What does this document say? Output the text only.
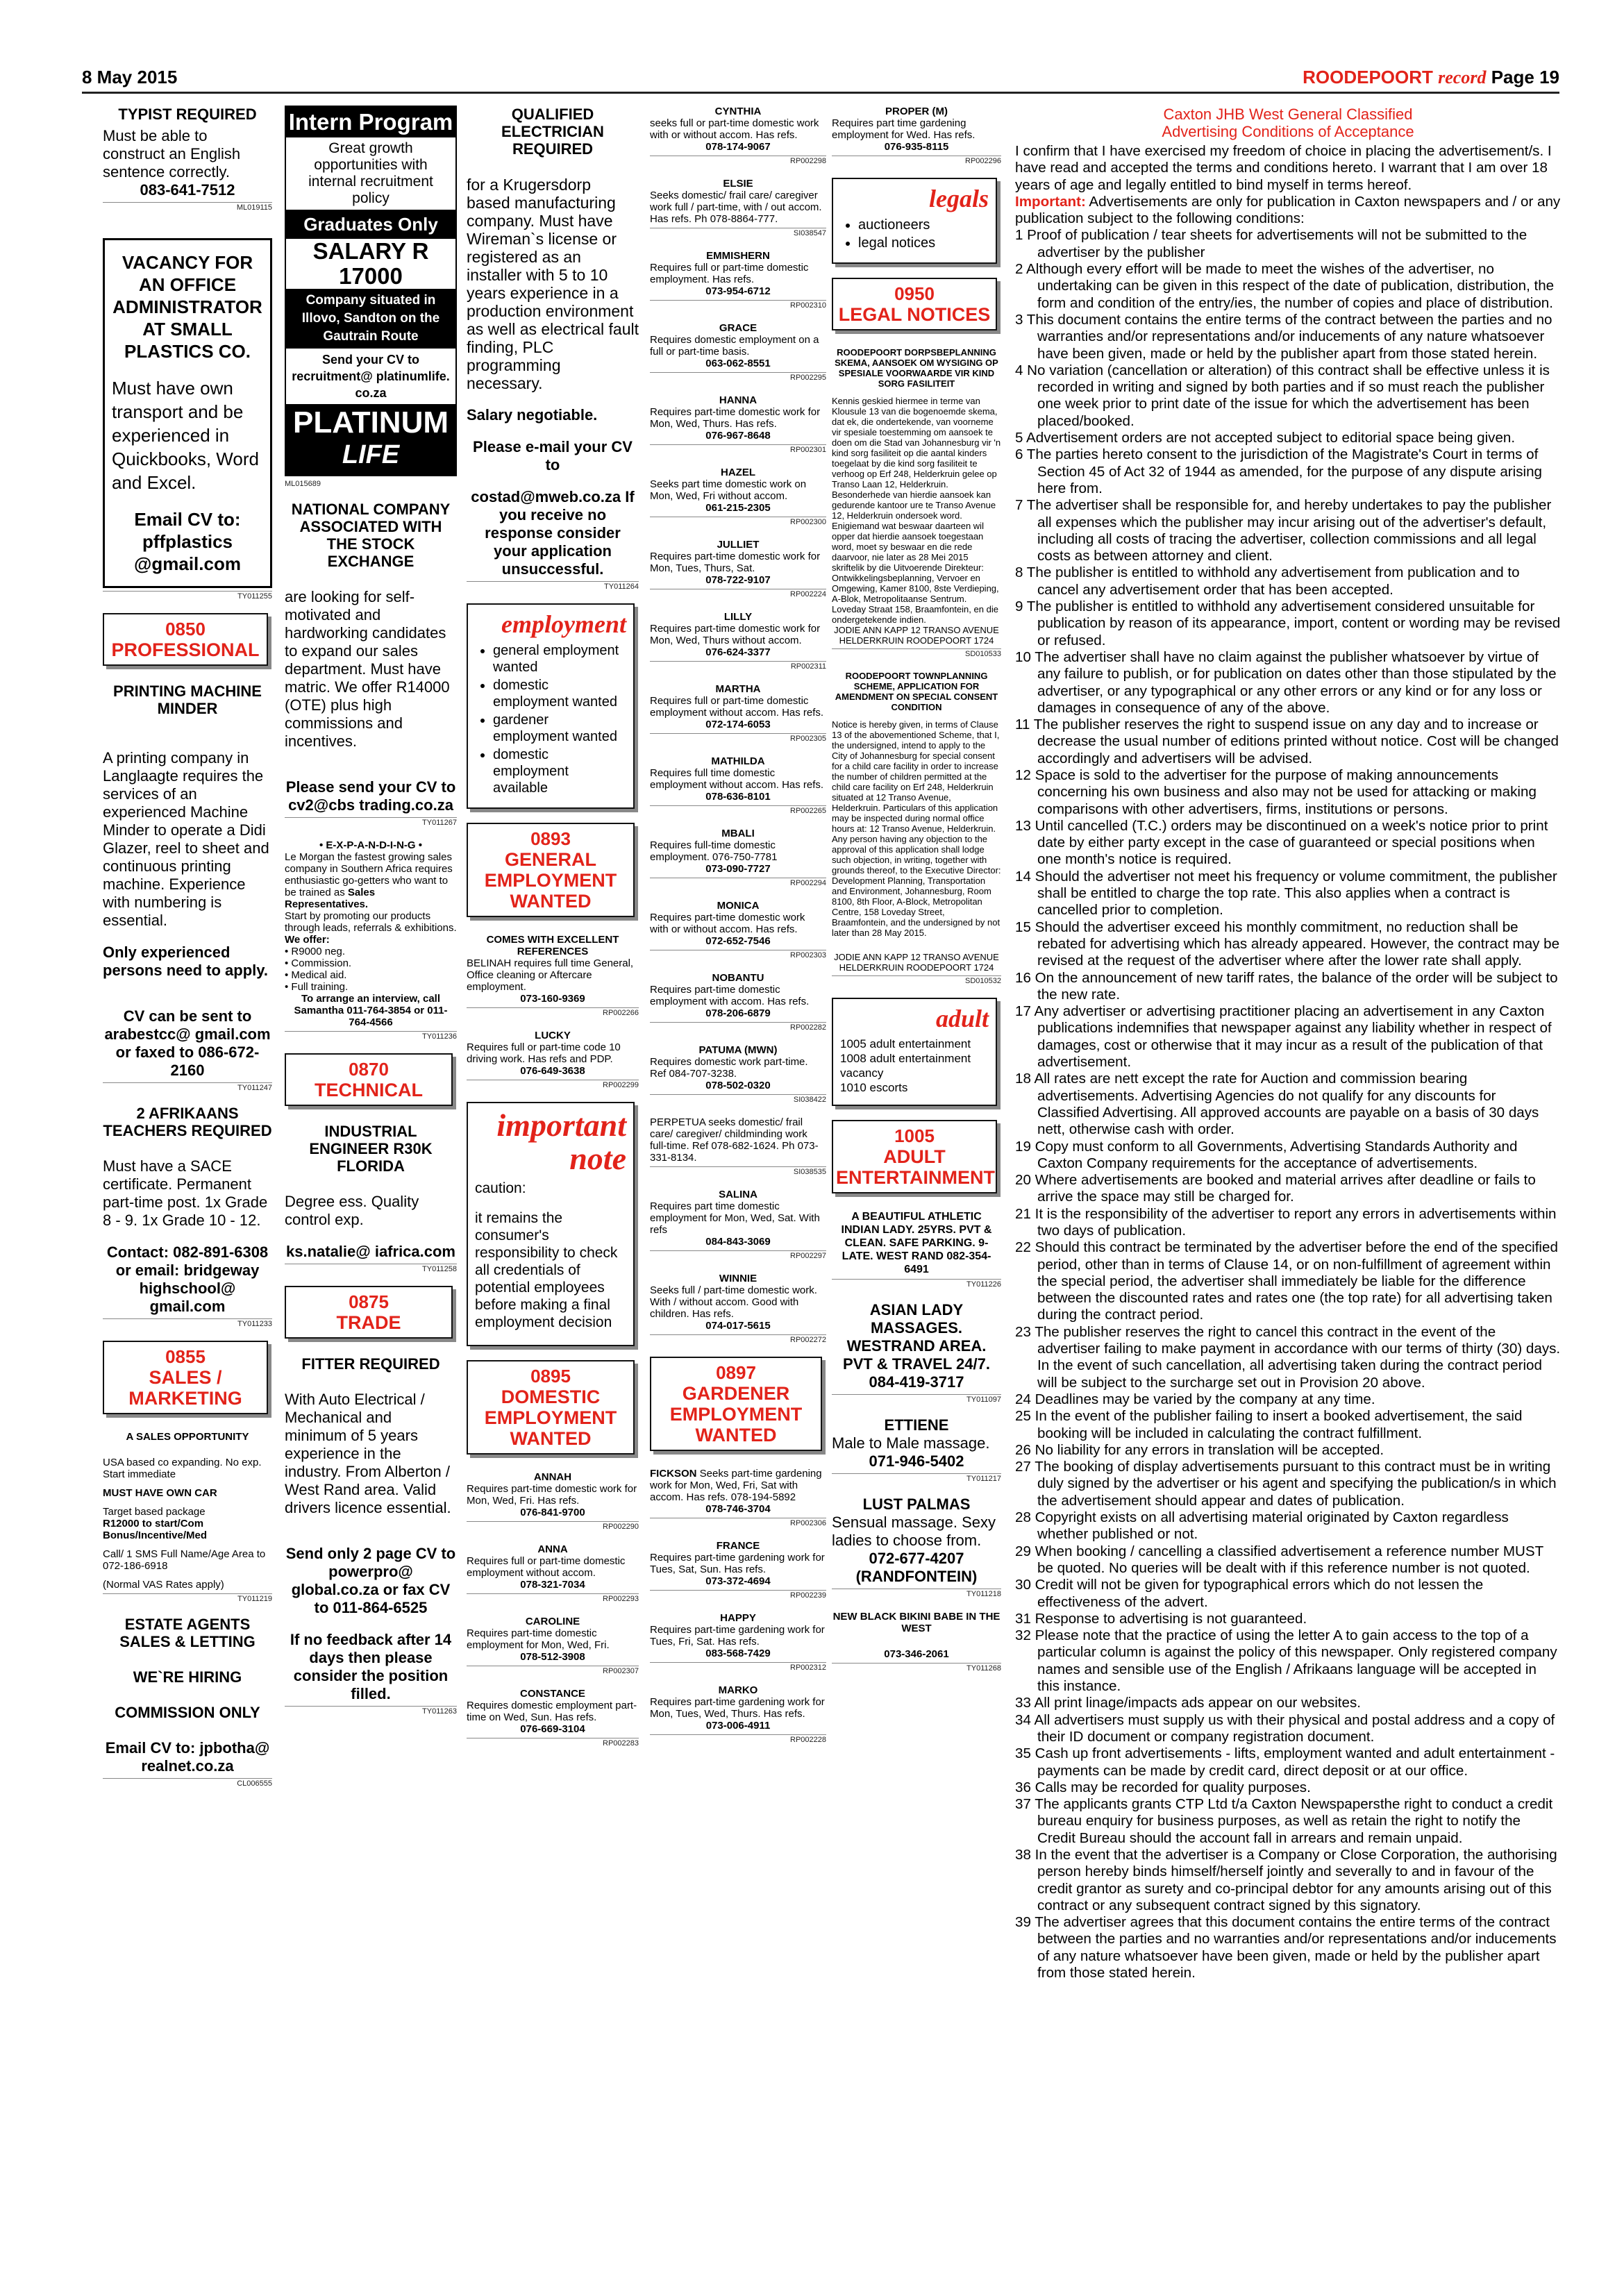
8 May 2015	ROODEPOORT record Page 19

TYPIST REQUIRED

Must be able to construct an English sentence correctly.

083-641-7512

ML019115
VACANCY FOR AN OFFICE ADMINISTRATOR AT SMALL PLASTICS CO.
Must have own transport and be experienced in Quickbooks, Word and Excel.
Email CV to: pffplastics @gmail.com
TY011255
0850
PROFESSIONAL

PRINTING MACHINE MINDER

A printing company in Langlaagte requires the services of an experienced Machine Minder to operate a Didi Glazer, reel to sheet and continuous printing machine. Experience with numbering is essential.

Only experienced persons need to apply.

CV can be sent to arabestcc@ gmail.com or faxed to 086-672-2160

TY011247

2 AFRIKAANS TEACHERS REQUIRED

Must have a SACE certificate. Permanent part-time post. 1x Grade 8 - 9. 1x Grade 10 - 12.

Contact: 082-891-6308 or email: bridgeway highschool@ gmail.com

TY011233
0855
SALES / MARKETING

A SALES OPPORTUNITY

USA based co expanding. No exp. Start immediate

MUST HAVE OWN CAR

Target based package

R12000 to start/Com Bonus/Incentive/Med

Call/ 1 SMS Full Name/Age Area to 072-186-6918

(Normal VAS Rates apply)

TY011219

ESTATE AGENTS SALES & LETTING

WE`RE HIRING

COMMISSION ONLY

Email CV to: jpbotha@ realnet.co.za

CL006555
Intern Program
Great growth opportunities with internal recruitment policy
Graduates Only
SALARY R 17000
Company situated in Illovo, Sandton on the Gautrain Route
Send your CV to recruitment@ platinumlife. co.za
PLATINUM
LIFE
ML015689

NATIONAL COMPANY ASSOCIATED WITH THE STOCK EXCHANGE

are looking for self-motivated and hardworking candidates to expand our sales department. Must have matric. We offer R14000 (OTE) plus high commissions and incentives.

Please send your CV to cv2@cbs trading.co.za

TY011267

• E-X-P-A-N-D-I-N-G •

Le Morgan the fastest growing sales company in Southern Africa requires enthusiastic go-getters who want to be trained as Sales Representatives.

Start by promoting our products through leads, referrals & exhibitions.

We offer:

• R9000 neg.

• Commission.

• Medical aid.

• Full training.

To arrange an interview, call Samantha 011-764-3854 or 011-764-4566

TY011236
0870
TECHNICAL

INDUSTRIAL ENGINEER R30K FLORIDA

Degree ess. Quality control exp.

ks.natalie@ iafrica.com

TY011258
0875
TRADE

FITTER REQUIRED

With Auto Electrical / Mechanical and minimum of 5 years experience in the industry. From Alberton / West Rand area. Valid drivers licence essential.

Send only 2 page CV to powerpro@ global.co.za or fax CV to 011-864-6525

If no feedback after 14 days then please consider the position filled.

TY011263

QUALIFIED ELECTRICIAN REQUIRED

for a Krugersdorp based manufacturing company. Must have Wireman`s license or registered as an installer with 5 to 10 years experience in a production environment as well as electrical fault finding, PLC programming necessary.

Salary negotiable.

Please e-mail your CV to

costad@mweb.co.za If you receive no response consider your application unsuccessful.

TY011264
employment
• general employment wanted
• domestic employment wanted
• gardener employment wanted
• domestic employment available
0893
GENERAL EMPLOYMENT WANTED

COMES WITH EXCELLENT REFERENCES

BELINAH requires full time General, Office cleaning or Aftercare employment.

073-160-9369

RP002266

LUCKY

Requires full or part-time code 10 driving work. Has refs and PDP.

076-649-3638

RP002299
important
note

caution:

it remains the consumer's responsibility to check all credentials of potential employees before making a final employment decision

0895
DOMESTIC EMPLOYMENT WANTED

ANNAH

Requires part-time domestic work for Mon, Wed, Fri. Has refs.

076-841-9700

RP002290

ANNA

Requires full or part-time domestic employment without accom.

078-321-7034

RP002293

CAROLINE

Requires part-time domestic employment for Mon, Wed, Fri.

078-512-3908

RP002307

CONSTANCE

Requires domestic employment part-time on Wed, Sun. Has refs.

076-669-3104

RP002283

CYNTHIA

seeks full or part-time domestic work with or without accom. Has refs.

078-174-9067

RP002298

ELSIE

Seeks domestic/ frail care/ caregiver work full / part-time, with / out accom. Has refs. Ph 078-8864-777.

SI038547

EMMISHERN

Requires full or part-time domestic employment. Has refs.

073-954-6712

RP002310

GRACE

Requires domestic employment on a full or part-time basis.

063-062-8551

RP002295

HANNA

Requires part-time domestic work for Mon, Wed, Thurs. Has refs.

076-967-8648

RP002301

HAZEL

Seeks part time domestic work on Mon, Wed, Fri without accom.

061-215-2305

RP002300

JULLIET

Requires part-time domestic work for Mon, Tues, Thurs, Sat.

078-722-9107

RP002224

LILLY

Requires part-time domestic work for Mon, Wed, Thurs without accom.

076-624-3377

RP002311

MARTHA

Requires full or part-time domestic employment without accom. Has refs.

072-174-6053

RP002305

MATHILDA

Requires full time domestic employment without accom. Has refs.

078-636-8101

RP002265

MBALI

Requires full-time domestic employment. 076-750-7781

073-090-7727

RP002294

MONICA

Requires part-time domestic work with or without accom. Has refs.

072-652-7546

RP002303

NOBANTU

Requires part-time domestic employment with accom. Has refs.

078-206-6879

RP002282

PATUMA (MWN)

Requires domestic work part-time. Ref 084-707-3238.

078-502-0320

SI038422

PERPETUA seeks domestic/ frail care/ caregiver/ childminding work full-time. Ref 078-682-1624. Ph 073-331-8134.

SI038535

SALINA

Requires part time domestic employment for Mon, Wed, Sat. With refs

084-843-3069

RP002297

WINNIE

Seeks full / part-time domestic work. With / without accom. Good with children. Has refs.

074-017-5615

RP002272
0897
GARDENER EMPLOYMENT WANTED

FICKSON Seeks part-time gardening work for Mon, Wed, Fri, Sat with accom. Has refs. 078-194-5892

078-746-3704

RP002306

FRANCE

Requires part-time gardening work for Tues, Sat, Sun. Has refs.

073-372-4694

RP002239

HAPPY

Requires part-time gardening work for Tues, Fri, Sat. Has refs.

083-568-7429

RP002312

MARKO

Requires part-time gardening work for Mon, Tues, Wed, Thurs. Has refs.

073-006-4911

RP002228

PROPER (M)

Requires part time gardening employment for Wed. Has refs.

076-935-8115

RP002296
legals
• auctioneers
• legal notices
0950
LEGAL NOTICES

ROODEPOORT DORPSBEPLANNING SKEMA, AANSOEK OM WYSIGING OP SPESIALE VOORWAARDE VIR KIND SORG FASILITEIT

Kennis geskied hiermee in terme van Klousule 13 van die bogenoemde skema, dat ek, die ondertekende, van voorneme vir spesiale toestemming om aansoek te doen om die Stad van Johannesburg vir 'n kind sorg fasiliteit op die aantal kinders toegelaat by die kind sorg fasiliteit te verhoog op Erf 248, Helderkruin gelee op Transo Laan 12, Helderkruin. Besonderhede van hierdie aansoek kan gedurende kantoor ure te Transo Avenue 12, Helderkruin ondersoek word. Enigiemand wat beswaar daarteen wil opper dat hierdie aansoek toegestaan word, moet sy beswaar en die rede daarvoor, nie later as 28 Mei 2015 skriftelik by die Uitvoerende Direkteur: Ontwikkelingsbeplanning, Vervoer en Omgewing, Kamer 8100, 8ste Verdieping, A-Blok, Metropolitaanse Sentrum. Loveday Straat 158, Braamfontein, en die ondergetekende indien.

JODIE ANN KAPP 12 TRANSO AVENUE HELDERKRUIN ROODEPOORT 1724

SD010533

ROODEPOORT TOWNPLANNING SCHEME, APPLICATION FOR AMENDMENT ON SPECIAL CONSENT CONDITION

Notice is hereby given, in terms of Clause 13 of the abovementioned Scheme, that I, the undersigned, intend to apply to the City of Johannesburg for special consent for a child care facility in order to increase the number of children permitted at the child care facility on Erf 248, Helderkruin situated at 12 Transo Avenue, Helderkruin. Particulars of this application may be inspected during normal office hours at: 12 Transo Avenue, Helderkruin. Any person having any objection to the approval of this application shall lodge such objection, in writing, together with grounds thereof, to the Executive Director: Development Planning, Transportation and Environment, Johannesburg, Room 8100, 8th Floor, A-Block, Metropolitan Centre, 158 Loveday Street, Braamfontein, and the undersigned by not later than 28 May 2015.

JODIE ANN KAPP 12 TRANSO AVENUE HELDERKRUIN ROODEPOORT 1724

SD010532
adult
1005 adult entertainment
1008 adult entertainment vacancy
1010 escorts
1005
ADULT ENTERTAINMENT

A BEAUTIFUL ATHLETIC INDIAN LADY. 25YRS. PVT & CLEAN. SAFE PARKING. 9-LATE. WEST RAND 082-354-6491

TY011226

ASIAN LADY MASSAGES. WESTRAND AREA. PVT & TRAVEL 24/7.

084-419-3717

TY011097

ETTIENE

Male to Male massage.

071-946-5402

TY011217

LUST PALMAS

Sensual massage. Sexy ladies to choose from.

072-677-4207 (RANDFONTEIN)

TY011218

NEW BLACK BIKINI BABE IN THE WEST

073-346-2061

TY011268
Caxton JHB West General Classified
Advertising Conditions of Acceptance

I confirm that I have exercised my freedom of choice in placing the advertisement/s. I have read and accepted the terms and conditions hereto. I warrant that I am over 18 years of age and legally entitled to bind myself in terms hereof.

Important: Advertisements are only for publication in Caxton newspapers and / or any publication subject to the following conditions:

1 Proof of publication / tear sheets for advertisements will not be submitted to the advertiser by the publisher
2 Although every effort will be made to meet the wishes of the advertiser, no undertaking can be given in this respect of the date of publication, distribution, the form and condition of the entry/ies, the number of copies and place of distribution.
3 This document contains the entire terms of the contract between the parties and no warranties and/or representations and/or inducements of any nature whatsoever have been given, made or held by the publisher apart from those stated herein.
4 No variation (cancellation or alteration) of this contract shall be effective unless it is recorded in writing and signed by both parties and if so must reach the publisher one week prior to print date of the issue for which the advertisement has been placed/booked.
5 Advertisement orders are not accepted subject to editorial space being given.
6 The parties hereto consent to the jurisdiction of the Magistrate's Court in terms of Section 45 of Act 32 of 1944 as amended, for the purpose of any dispute arising here from.
7 The advertiser shall be responsible for, and hereby undertakes to pay the publisher all expenses which the publisher may incur arising out of the advertiser's default, including all costs of tracing the advertiser, collection commissions and all legal costs as between attorney and client.
8 The publisher is entitled to withhold any advertisement from publication and to cancel any advertisement order that has been accepted.
9 The publisher is entitled to withhold any advertisement considered unsuitable for publication by reason of its appearance, import, content or wording may be revised or refused.
10 The advertiser shall have no claim against the publisher whatsoever by virtue of any failure to publish, or for publication on dates other than those stipulated by the advertiser, or any typographical or any other errors or any kind or for any loss or damages in consequence of any of the above.
11 The publisher reserves the right to suspend issue on any day and to increase or decrease the usual number of editions printed without notice. Cost will be changed accordingly and advertisers will be advised.
12 Space is sold to the advertiser for the purpose of making announcements concerning his own business and also may not be used for attacking or making comparisons with other advertisers, firms, institutions or persons.
13 Until cancelled (T.C.) orders may be discontinued on a week's notice prior to print date by either party except in the case of guaranteed or special positions when one month's notice is required.
14 Should the advertiser not meet his frequency or volume commitment, the publisher shall be entitled to charge the top rate. This also applies when a contract is cancelled prior to completion.
15 Should the advertiser exceed his monthly commitment, no reduction shall be rebated for advertising which has already appeared. However, the contract may be revised at the request of the advertiser where after the lower rate shall apply.
16 On the announcement of new tariff rates, the balance of the order will be subject to the new rate.
17 Any advertiser or advertising practitioner placing an advertisement in any Caxton publications indemnifies that newspaper against any liability whether in respect of damages, cost or otherwise that it may incur as a result of the publication of that advertisement.
18 All rates are nett except the rate for Auction and commission bearing advertisements. Advertising Agencies do not qualify for any discounts for Classified Advertising. All approved accounts are payable on a basis of 30 days nett, otherwise cash with order.
19 Copy must conform to all Governments, Advertising Standards Authority and Caxton Company requirements for the acceptance of advertisements.
20 Where advertisements are booked and material arrives after deadline or fails to arrive the space may still be charged for.
21 It is the responsibility of the advertiser to report any errors in advertisements within two days of publication.
22 Should this contract be terminated by the advertiser before the end of the specified period, other than in terms of Clause 14, or on non-fulfillment of agreement within the special period, the advertiser shall immediately be liable for the difference between the discounted rates and rates one (the top rate) for all advertising taken during the contract period.
23 The publisher reserves the right to cancel this contract in the event of the advertiser failing to make payment in accordance with our terms of thirty (30) days. In the event of such cancellation, all advertising taken during the contract period will be subject to the surcharge set out in Provision 20 above.
24 Deadlines may be varied by the company at any time.
25 In the event of the publisher failing to insert a booked advertisement, the said booking will be included in calculating the contract fulfillment.
26 No liability for any errors in translation will be accepted.
27 The booking of display advertisements pursuant to this contract must be in writing duly signed by the advertiser or his agent and specifying the publication/s in which the advertisement should appear and dates of publication.
28 Copyright exists on all advertising material originated by Caxton regardless whether published or not.
29 When booking / cancelling a classified advertisement a reference number MUST be quoted. No queries will be dealt with if this reference number is not quoted.
30 Credit will not be given for typographical errors which do not lessen the effectiveness of the advert.
31 Response to advertising is not guaranteed.
32 Please note that the practice of using the letter A to gain access to the top of a particular column is against the policy of this newspaper. Only registered company names and sensible use of the English / Afrikaans language will be accepted in this instance.
33 All print linage/impacts ads appear on our websites.
34 All advertisers must supply us with their physical and postal address and a copy of their ID document or company registration document.
35 Cash up front advertisements - lifts, employment wanted and adult entertainment - payments can be made by credit card, direct deposit or at our office.
36 Calls may be recorded for quality purposes.
37 The applicants grants CTP Ltd t/a Caxton Newspapersthe right to conduct a credit bureau enquiry for business purposes, as well as retain the right to notify the Credit Bureau should the account fall in arrears and remain unpaid.
38 In the event that the advertiser is a Company or Close Corporation, the authorising person hereby binds himself/herself jointly and severally to and in favour of the credit grantor as surety and co-principal debtor for any amounts arising out of this contract or any subsequent contract signed by this signatory.
39 The advertiser agrees that this document contains the entire terms of the contract between the parties and no warranties and/or representations and/or inducements of any nature whatsoever have been given, made or held by the publisher apart from those stated herein.
